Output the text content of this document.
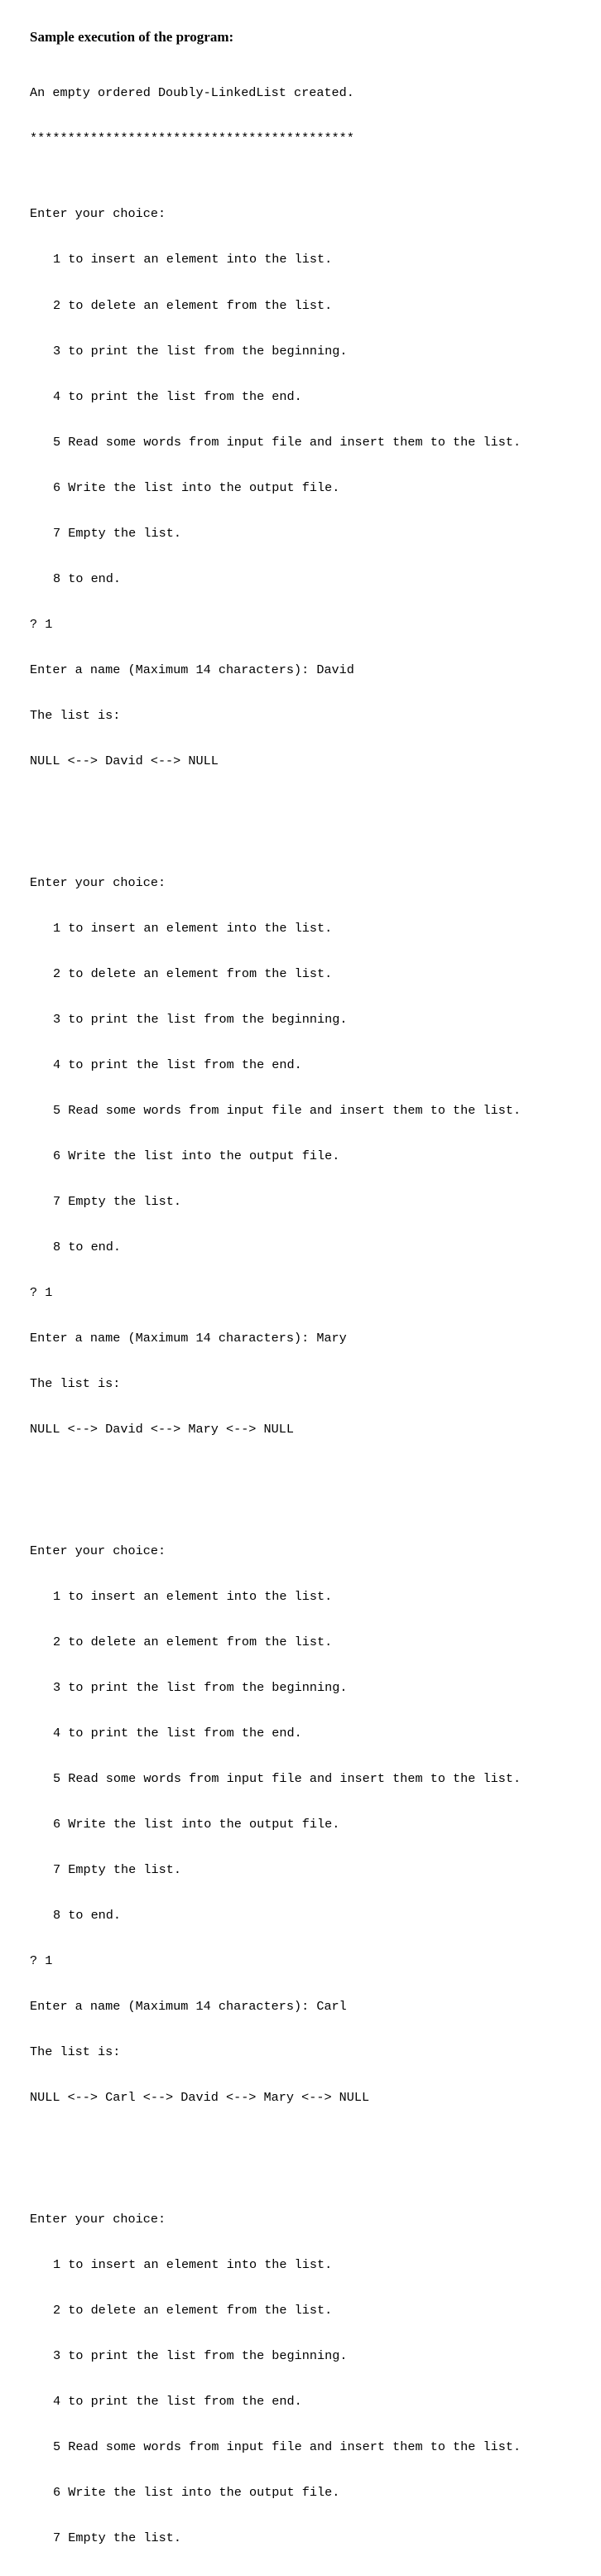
Sample execution of the program:

An empty ordered Doubly-LinkedList created.

*******************************************

Enter your choice:

1 to insert an element into the list.

2 to delete an element from the list.

3 to print the list from the beginning.

4 to print the list from the end.

5 Read some words from input file and insert them to the list.

6 Write the list into the output file.

7 Empty the list.

8 to end.

? 1

Enter a name (Maximum 14 characters): David

The list is:

NULL <--> David <--> NULL

Enter your choice:

1 to insert an element into the list.

2 to delete an element from the list.

3 to print the list from the beginning.

4 to print the list from the end.

5 Read some words from input file and insert them to the list.

6 Write the list into the output file.

7 Empty the list.

8 to end.

? 1

Enter a name (Maximum 14 characters): Mary

The list is:

NULL <--> David <--> Mary <--> NULL

Enter your choice:

1 to insert an element into the list.

2 to delete an element from the list.

3 to print the list from the beginning.

4 to print the list from the end.

5 Read some words from input file and insert them to the list.

6 Write the list into the output file.

7 Empty the list.

8 to end.

? 1

Enter a name (Maximum 14 characters): Carl

The list is:

NULL <--> Carl <--> David <--> Mary <--> NULL

Enter your choice:

1 to insert an element into the list.

2 to delete an element from the list.

3 to print the list from the beginning.

4 to print the list from the end.

5 Read some words from input file and insert them to the list.

6 Write the list into the output file.

7 Empty the list.
